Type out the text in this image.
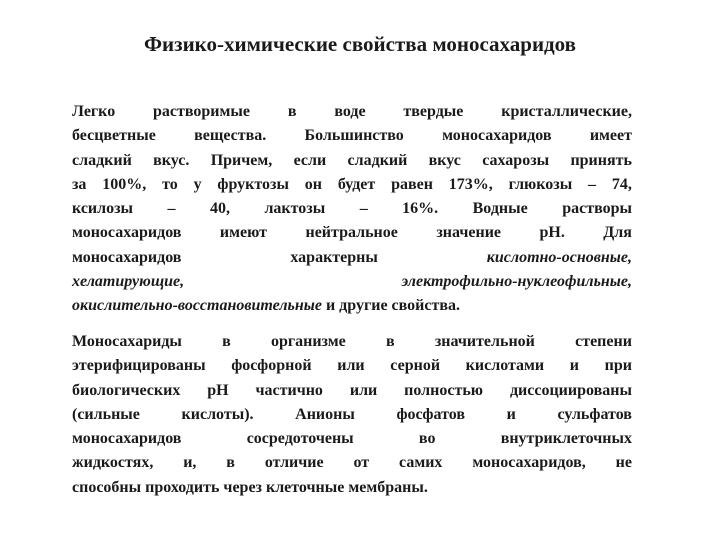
Физико-химические свойства моносахаридов
Легко растворимые в воде твердые кристаллические,
бесцветные вещества. Большинство моносахаридов имеет
сладкий вкус. Причем, если сладкий вкус сахарозы принять
за 100%, то у фруктозы он будет равен 173%, глюкозы – 74,
ксилозы – 40, лактозы – 16%. Водные растворы
моносахаридов имеют нейтральное значение pH. Для
моносахаридов	характерны	кислотно-основные,
хелатирующие,	электрофильно-нуклеофильные,
окислительно-восстановительные и другие свойства.
Моносахариды	в	организме	в	значительной	степени
этерифицированы фосфорной или серной кислотами и при
биологических pH частично или полностью диссоциированы
(сильные	кислоты).	Анионы	фосфатов	и	сульфатов
моносахаридов	сосредоточены	во	внутриклеточных
жидкостях, и, в отличие от самих моносахаридов, не
способны проходить через клеточные мембраны.
